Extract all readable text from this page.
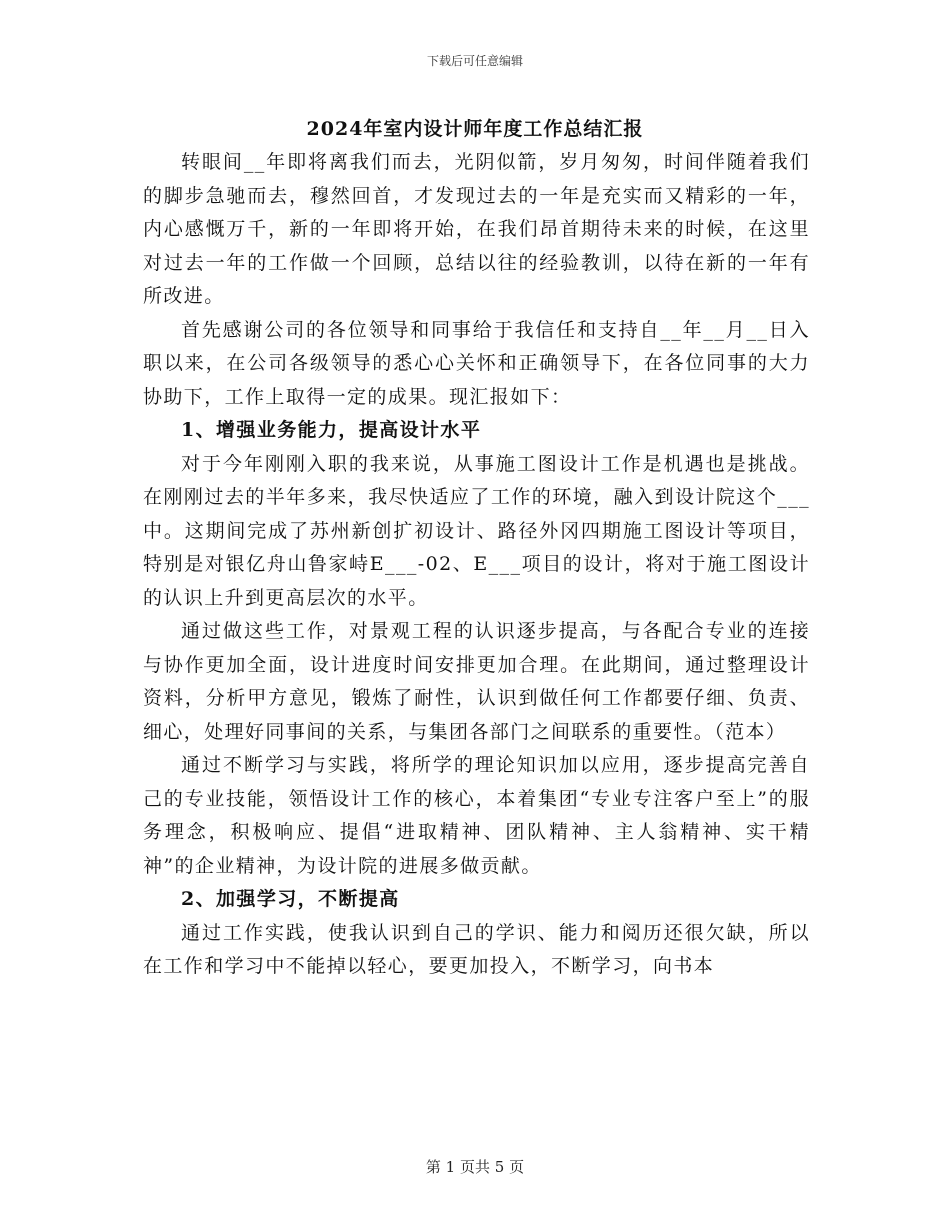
下载后可任意编辑
2024年室内设计师年度工作总结汇报

转眼间__年即将离我们而去，光阴似箭，岁月匆匆，时间伴随着我们的脚步急驰而去，穆然回首，才发现过去的一年是充实而又精彩的一年，内心感慨万千，新的一年即将开始，在我们昂首期待未来的时候，在这里对过去一年的工作做一个回顾，总结以往的经验教训，以待在新的一年有所改进。

首先感谢公司的各位领导和同事给于我信任和支持自__年__月__日入职以来，在公司各级领导的悉心心关怀和正确领导下，在各位同事的大力协助下，工作上取得一定的成果。现汇报如下：

1、增强业务能力，提高设计水平

对于今年刚刚入职的我来说，从事施工图设计工作是机遇也是挑战。在刚刚过去的半年多来，我尽快适应了工作的环境，融入到设计院这个___中。这期间完成了苏州新创扩初设计、路径外冈四期施工图设计等项目，特别是对银亿舟山鲁家峙E___-02、E___项目的设计，将对于施工图设计的认识上升到更高层次的水平。

通过做这些工作，对景观工程的认识逐步提高，与各配合专业的连接与协作更加全面，设计进度时间安排更加合理。在此期间，通过整理设计资料，分析甲方意见，锻炼了耐性，认识到做任何工作都要仔细、负责、细心，处理好同事间的关系，与集团各部门之间联系的重要性。（范本）

通过不断学习与实践，将所学的理论知识加以应用，逐步提高完善自己的专业技能，领悟设计工作的核心，本着集团“专业专注客户至上”的服务理念，积极响应、提倡“进取精神、团队精神、主人翁精神、实干精神”的企业精神，为设计院的进展多做贡献。

2、加强学习，不断提高

通过工作实践，使我认识到自己的学识、能力和阅历还很欠缺，所以在工作和学习中不能掉以轻心，要更加投入，不断学习，向书本

第 1 页共 5 页
